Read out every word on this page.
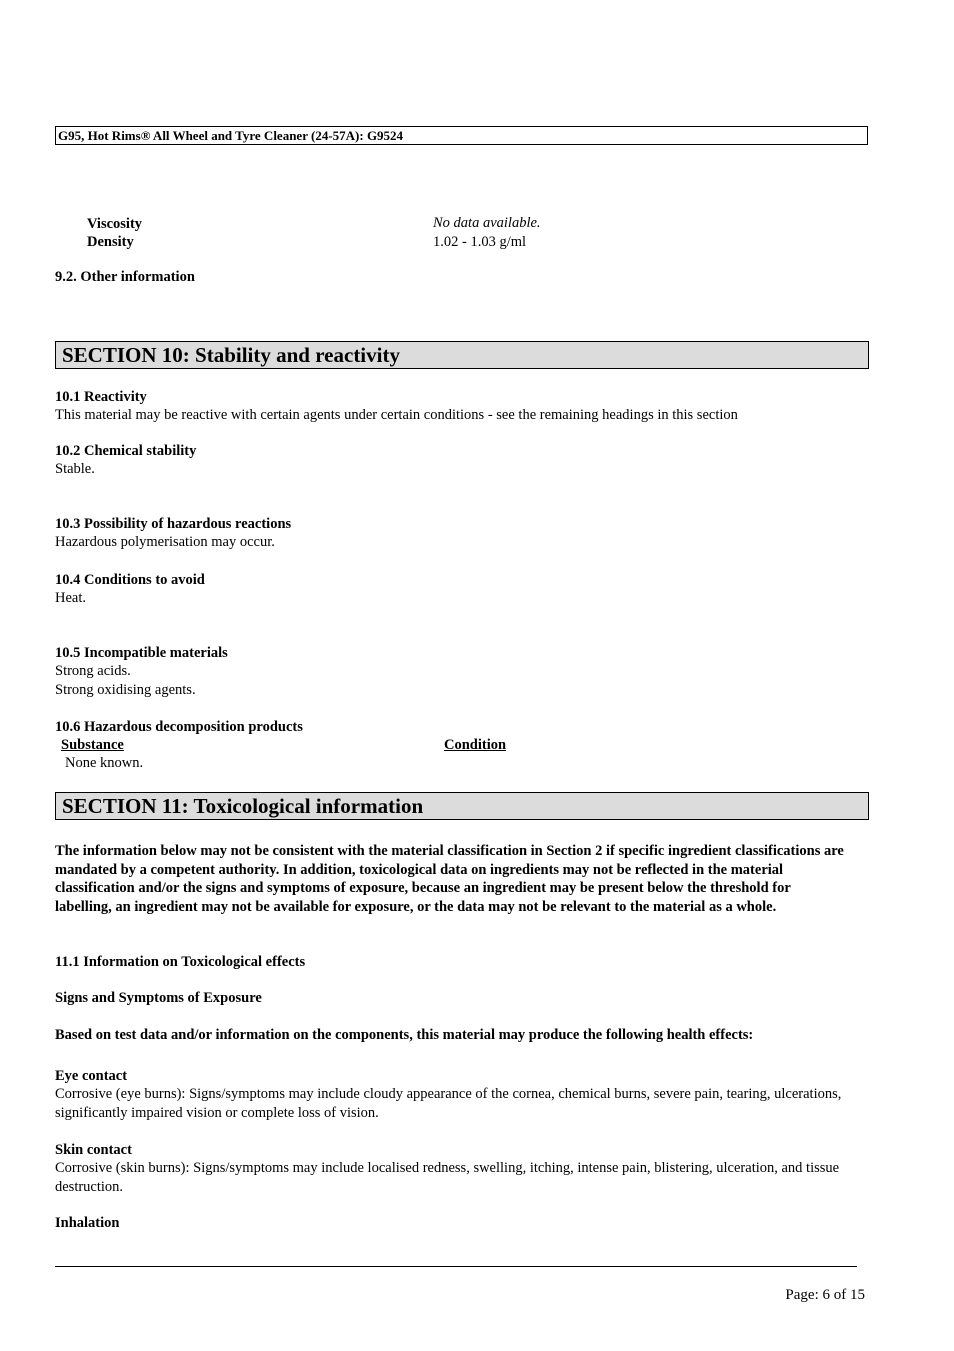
G95, Hot Rims® All Wheel and Tyre Cleaner (24-57A): G9524
Viscosity	No data available.
Density	1.02 - 1.03 g/ml
9.2. Other information
SECTION 10: Stability and reactivity
10.1 Reactivity
This material may be reactive with certain agents under certain conditions - see the remaining headings in this section
10.2 Chemical stability
Stable.
10.3 Possibility of hazardous reactions
Hazardous polymerisation may occur.
10.4 Conditions to avoid
Heat.
10.5 Incompatible materials
Strong acids.
Strong oxidising agents.
10.6 Hazardous decomposition products
Substance	Condition
None known.
SECTION 11: Toxicological information
The information below may not be consistent with the material classification in Section 2 if specific ingredient classifications are mandated by a competent authority. In addition, toxicological data on ingredients may not be reflected in the material classification and/or the signs and symptoms of exposure, because an ingredient may be present below the threshold for labelling, an ingredient may not be available for exposure, or the data may not be relevant to the material as a whole.
11.1 Information on Toxicological effects
Signs and Symptoms of Exposure
Based on test data and/or information on the components, this material may produce the following health effects:
Eye contact
Corrosive (eye burns): Signs/symptoms may include cloudy appearance of the cornea, chemical burns, severe pain, tearing, ulcerations, significantly impaired vision or complete loss of vision.
Skin contact
Corrosive (skin burns): Signs/symptoms may include localised redness, swelling, itching, intense pain, blistering, ulceration, and tissue destruction.
Inhalation
Page: 6 of 15
